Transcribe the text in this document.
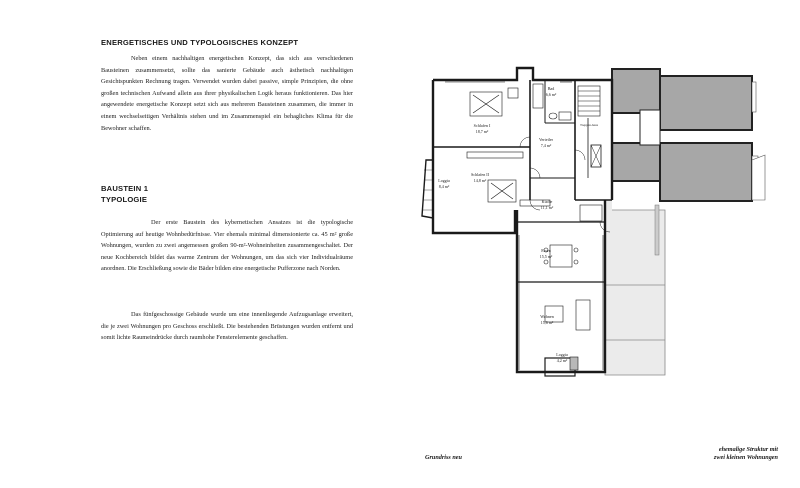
ENERGETISCHES UND TYPOLOGISCHES KONZEPT

Neben einem nachhaltigen energetischen Konzept, das sich aus verschiedenen Bausteinen zusammensetzt, sollte das sanierte Gebäude auch ästhetisch nachhaltigen Gesichtspunkten Rechnung tragen. Verwendet wurden dabei passive, simple Prinzipien, die ohne großen technischen Aufwand allein aus ihrer physikalischen Logik heraus funktionieren. Das hier angewendete energetische Konzept setzt sich aus mehreren Bausteinen zusammen, die immer in einem wechselseitigen Verhältnis stehen und im Zusammenspiel ein behagliches Klima für die Bewohner schaffen.

BAUSTEIN 1
TYPOLOGIE

Der erste Baustein des kybernetischen Ansatzes ist die typologische Optimierung auf heutige Wohnbedürfnisse. Vier ehemals minimal dimensionierte ca. 45 m² große Wohnungen, wurden zu zwei angemessen großen 90-m²-Wohneinheiten zusammengeschaltet. Der neue Kochbereich bildet das warme Zentrum der Wohnungen, um das sich vier Individualräume anordnen. Die Erschließung sowie die Bäder bilden eine energetische Pufferzone nach Norden.

Das fünfgeschossige Gebäude wurde um eine innenliegende Aufzugsanlage erweitert, die je zwei Wohnungen pro Geschoss erschließt. Die bestehenden Brüstungen wurden entfernt und somit lichte Raumeindrücke durch raumhohe Fensterelemente geschaffen.

Grundriss neu
ehemalige Struktur mit
zwei kleinen Wohnungen
Schlafen I
18,7 m²
Bad
6,6 m²
Treppen-haus
Verteiler
7,4 m²
Schlafen II
14,8 m²
Loggia
8,4 m²
Küche
11,1 m²
Essen
15,5 m²
Wohnen
15,6 m²
Loggia
4,2 m²
